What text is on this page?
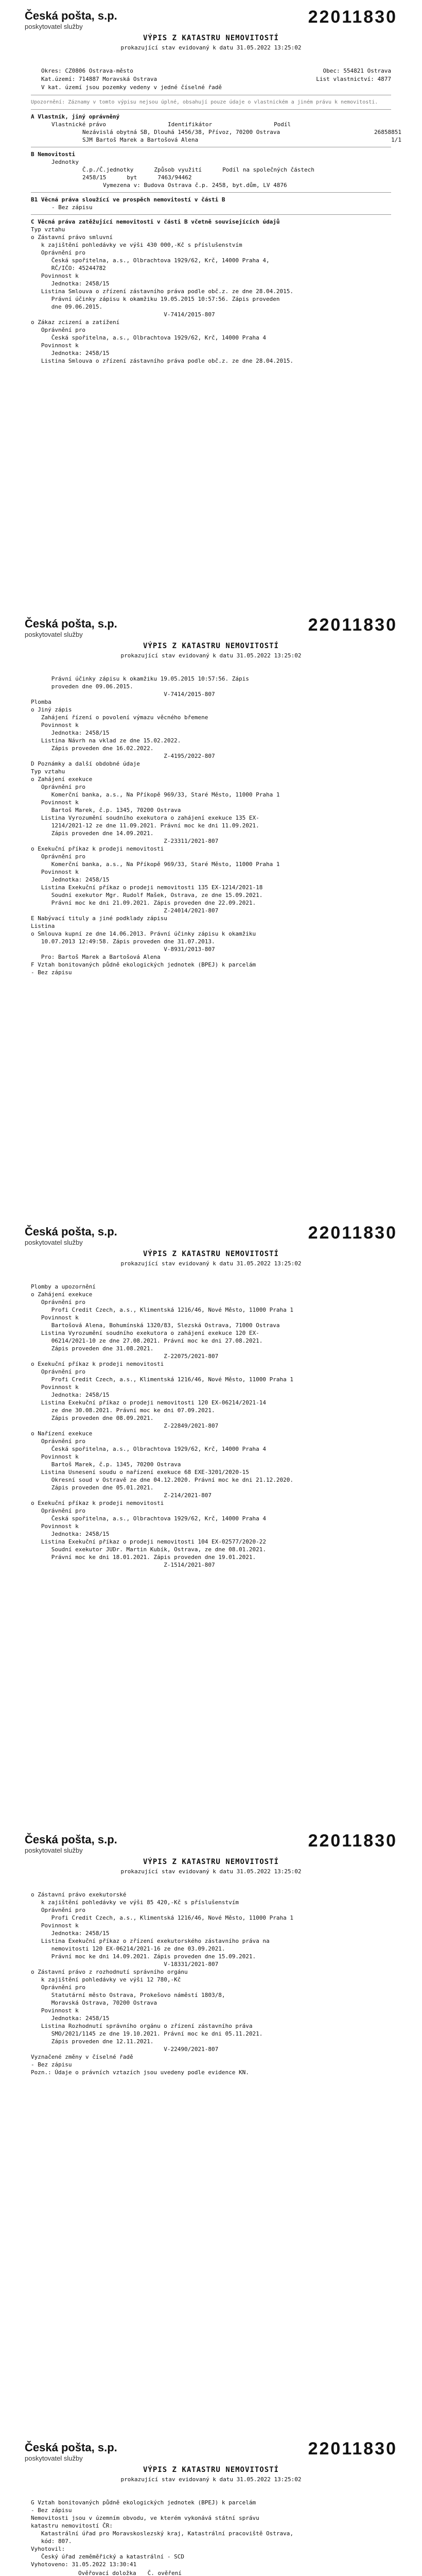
Česká pošta, s.p.
poskytovatel služby	22011830
VÝPIS Z KATASTRU NEMOVITOSTÍ
prokazující stav evidovaný k datu 31.05.2022 13:25:02
Okres: CZ0806 Ostrava-město	Obec: 554821 Ostrava
Kat.území: 714887 Moravská Ostrava	List vlastnictví: 4877
V kat. území jsou pozemky vedeny v jedné číselné řadě
Upozornění: Záznamy v tomto výpisu nejsou úplné, obsahují pouze údaje o vlastnickém a jiném právu k nemovitosti.
A Vlastník, jiný oprávněný
Vlastnické právo	Identifikátor	Podíl
Nezávislá obytná SB, Dlouhá 1456/38, Přívoz, 70200 Ostrava	26858851
SJM Bartoš Marek a Bartošová Alena	1/1
B Nemovitosti
Jednotky
Č.p./Č.jednotky	Způsob využití	Podíl na společných částech
2458/15	byt	7463/94462
Vymezena v: Budova Ostrava č.p. 2458, byt.dům, LV 4876
B1 Věcná práva sloužící ve prospěch nemovitostí v části B
- Bez zápisu
C Věcná práva zatěžující nemovitosti v části B včetně souvisejících údajů
Typ vztahu
o Zástavní právo smluvní
k zajištění pohledávky ve výši 430 000,-Kč s příslušenstvím
Oprávnění pro
Česká spořitelna, a.s., Olbrachtova 1929/62, Krč, 14000 Praha 4,
RČ/IČO: 45244782
Povinnost k
Jednotka: 2458/15
Listina Smlouva o zřízení zástavního práva podle obč.z. ze dne 28.04.2015.
Právní účinky zápisu k okamžiku 19.05.2015 10:57:56. Zápis proveden
dne 09.06.2015.
V-7414/2015-807
o Zákaz zcizení a zatížení
Oprávnění pro
Česká spořitelna, a.s., Olbrachtova 1929/62, Krč, 14000 Praha 4
Povinnost k
Jednotka: 2458/15
Listina Smlouva o zřízení zástavního práva podle obč.z. ze dne 28.04.2015.
Česká pošta, s.p.
poskytovatel služby	22011830
VÝPIS Z KATASTRU NEMOVITOSTÍ
prokazující stav evidovaný k datu 31.05.2022 13:25:02
Právní účinky zápisu k okamžiku 19.05.2015 10:57:56. Zápis
proveden dne 09.06.2015.
V-7414/2015-807
Plomba
o Jiný zápis
Zahájení řízení o povolení výmazu věcného břemene
Povinnost k
Jednotka: 2458/15
Listina Návrh na vklad ze dne 15.02.2022.
Zápis proveden dne 16.02.2022.
Z-4195/2022-807
D Poznámky a další obdobné údaje
Typ vztahu
o Zahájení exekuce
Oprávnění pro
Komerční banka, a.s., Na Příkopě 969/33, Staré Město, 11000 Praha 1
Povinnost k
Bartoš Marek, č.p. 1345, 70200 Ostrava
Listina Vyrozumění soudního exekutora o zahájení exekuce 135 EX-
1214/2021-12 ze dne 11.09.2021. Právní moc ke dni 11.09.2021.
Zápis proveden dne 14.09.2021.
Z-23311/2021-807
o Exekuční příkaz k prodeji nemovitosti
Oprávnění pro
Komerční banka, a.s., Na Příkopě 969/33, Staré Město, 11000 Praha 1
Povinnost k
Jednotka: 2458/15
Listina Exekuční příkaz o prodeji nemovitosti 135 EX-1214/2021-18
Soudní exekutor Mgr. Rudolf Mašek, Ostrava, ze dne 15.09.2021.
Právní moc ke dni 21.09.2021. Zápis proveden dne 22.09.2021.
Z-24014/2021-807
E Nabývací tituly a jiné podklady zápisu
Listina
o Smlouva kupní ze dne 14.06.2013. Právní účinky zápisu k okamžiku
10.07.2013 12:49:58. Zápis proveden dne 31.07.2013.
V-8931/2013-807
Pro: Bartoš Marek a Bartošová Alena
F Vztah bonitovaných půdně ekologických jednotek (BPEJ) k parcelám
- Bez zápisu
Česká pošta, s.p.
poskytovatel služby	22011830
VÝPIS Z KATASTRU NEMOVITOSTÍ
prokazující stav evidovaný k datu 31.05.2022 13:25:02
Plomby a upozornění
o Zahájení exekuce
Oprávnění pro
Profi Credit Czech, a.s., Klimentská 1216/46, Nové Město, 11000 Praha 1
Povinnost k
Bartošová Alena, Bohumínská 1320/83, Slezská Ostrava, 71000 Ostrava
Listina Vyrozumění soudního exekutora o zahájení exekuce 120 EX-
06214/2021-10 ze dne 27.08.2021. Právní moc ke dni 27.08.2021.
Zápis proveden dne 31.08.2021.
Z-22075/2021-807
o Exekuční příkaz k prodeji nemovitosti
Oprávnění pro
Profi Credit Czech, a.s., Klimentská 1216/46, Nové Město, 11000 Praha 1
Povinnost k
Jednotka: 2458/15
Listina Exekuční příkaz o prodeji nemovitosti 120 EX-06214/2021-14
ze dne 30.08.2021. Právní moc ke dni 07.09.2021.
Zápis proveden dne 08.09.2021.
Z-22849/2021-807
o Nařízení exekuce
Oprávnění pro
Česká spořitelna, a.s., Olbrachtova 1929/62, Krč, 14000 Praha 4
Povinnost k
Bartoš Marek, č.p. 1345, 70200 Ostrava
Listina Usnesení soudu o nařízení exekuce 68 EXE-3201/2020-15
Okresní soud v Ostravě ze dne 04.12.2020. Právní moc ke dni 21.12.2020.
Zápis proveden dne 05.01.2021.
Z-214/2021-807
o Exekuční příkaz k prodeji nemovitosti
Oprávnění pro
Česká spořitelna, a.s., Olbrachtova 1929/62, Krč, 14000 Praha 4
Povinnost k
Jednotka: 2458/15
Listina Exekuční příkaz o prodeji nemovitosti 104 EX-02577/2020-22
Soudní exekutor JUDr. Martin Kubík, Ostrava, ze dne 08.01.2021.
Právní moc ke dni 18.01.2021. Zápis proveden dne 19.01.2021.
Z-1514/2021-807
Česká pošta, s.p.
poskytovatel služby	22011830
VÝPIS Z KATASTRU NEMOVITOSTÍ
prokazující stav evidovaný k datu 31.05.2022 13:25:02
o Zástavní právo exekutorské
k zajištění pohledávky ve výši 85 420,-Kč s příslušenstvím
Oprávnění pro
Profi Credit Czech, a.s., Klimentská 1216/46, Nové Město, 11000 Praha 1
Povinnost k
Jednotka: 2458/15
Listina Exekuční příkaz o zřízení exekutorského zástavního práva na
nemovitosti 120 EX-06214/2021-16 ze dne 03.09.2021.
Právní moc ke dni 14.09.2021. Zápis proveden dne 15.09.2021.
V-18331/2021-807
o Zástavní právo z rozhodnutí správního orgánu
k zajištění pohledávky ve výši 12 780,-Kč
Oprávnění pro
Statutární město Ostrava, Prokešovo náměstí 1803/8,
Moravská Ostrava, 70200 Ostrava
Povinnost k
Jednotka: 2458/15
Listina Rozhodnutí správního orgánu o zřízení zástavního práva
SMO/2021/1145 ze dne 19.10.2021. Právní moc ke dni 05.11.2021.
Zápis proveden dne 12.11.2021.
V-22490/2021-807
Vyznačené změny v číselné řadě
- Bez zápisu
Pozn.: Údaje o právních vztazích jsou uvedeny podle evidence KN.
Česká pošta, s.p.
poskytovatel služby	22011830
VÝPIS Z KATASTRU NEMOVITOSTÍ
prokazující stav evidovaný k datu 31.05.2022 13:25:02
G Vztah bonitovaných půdně ekologických jednotek (BPEJ) k parcelám
- Bez zápisu
Nemovitosti jsou v územním obvodu, ve kterém vykonává státní správu
katastru nemovitostí ČR:
Katastrální úřad pro Moravskoslezský kraj, Katastrální pracoviště Ostrava,
kód: 807.
Vyhotovil:
Český úřad zeměměřický a katastrální - SCD
Vyhotoveno: 31.05.2022 13:30:41
Ověřovací doložka	Č. ověření
